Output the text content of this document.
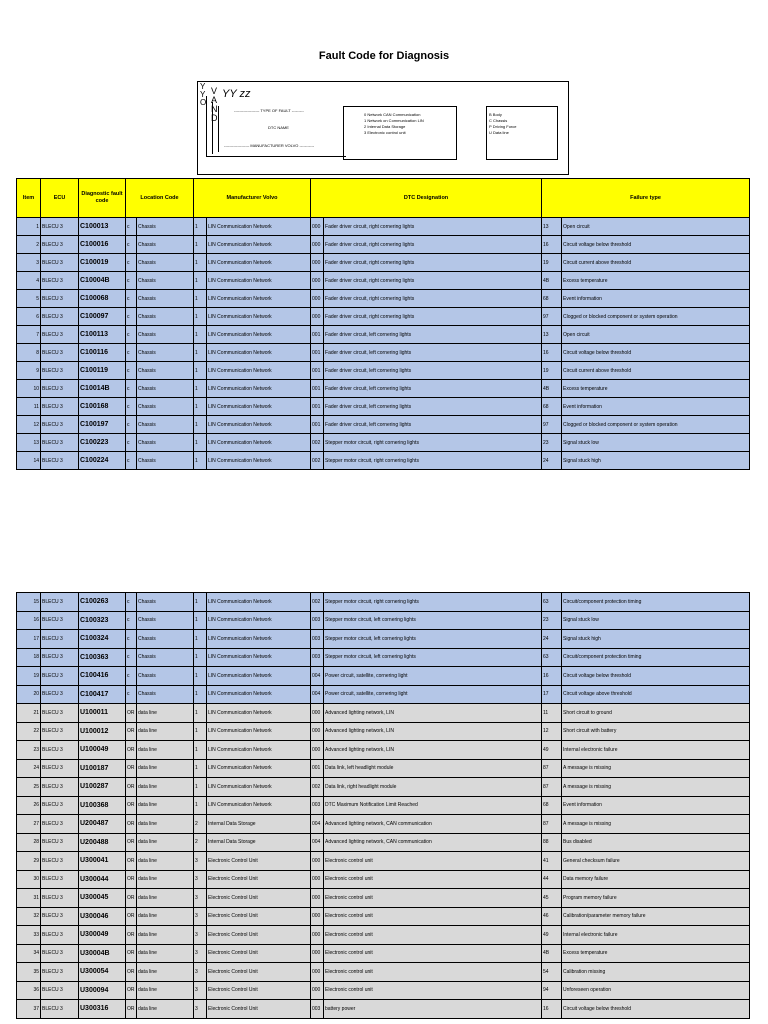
Fault Code for Diagnosis
Y
Y
O
V
A
N
D
YY zz
------------------- TYPE OF FAULT ---------
DTC NAME
------------------- MANUFACTURER VOLVO -----------
0 Network CAN Communication
1 Network on Communication LIN
2 Internal Data Storage
3 Electronic control unit
B Body
C Chassis
P Driving Force
U Data line
Item	ECU	Diagnostic fault code	Location Code		Manufacturer Volvo		DTC Designation		Failure type	
1	BLECU 3	C100013	c	Chassis	1	LIN Communication Network	000	Fader driver circuit, right cornering lights	13	Open circuit
2	BLECU 3	C100016	c	Chassis	1	LIN Communication Network	000	Fader driver circuit, right cornering lights	16	Circuit voltage below threshold
3	BLECU 3	C100019	c	Chassis	1	LIN Communication Network	000	Fader driver circuit, right cornering lights	19	Circuit current above threshold
4	BLECU 3	C10004B	c	Chassis	1	LIN Communication Network	000	Fader driver circuit, right cornering lights	4B	Excess temperature
5	BLECU 3	C100068	c	Chassis	1	LIN Communication Network	000	Fader driver circuit, right cornering lights	68	Event information
6	BLECU 3	C100097	c	Chassis	1	LIN Communication Network	000	Fader driver circuit, right cornering lights	97	Clogged or blocked component or system operation
7	BLECU 3	C100113	c	Chassis	1	LIN Communication Network	001	Fader driver circuit, left cornering lights	13	Open circuit
8	BLECU 3	C100116	c	Chassis	1	LIN Communication Network	001	Fader driver circuit, left cornering lights	16	Circuit voltage below threshold
9	BLECU 3	C100119	c	Chassis	1	LIN Communication Network	001	Fader driver circuit, left cornering lights	19	Circuit current above threshold
10	BLECU 3	C10014B	c	Chassis	1	LIN Communication Network	001	Fader driver circuit, left cornering lights	4B	Excess temperature
11	BLECU 3	C100168	c	Chassis	1	LIN Communication Network	001	Fader driver circuit, left cornering lights	68	Event information
12	BLECU 3	C100197	c	Chassis	1	LIN Communication Network	001	Fader driver circuit, left cornering lights	97	Clogged or blocked component or system operation
13	BLECU 3	C100223	c	Chassis	1	LIN Communication Network	002	Stepper motor circuit, right cornering lights	23	Signal stuck low
14	BLECU 3	C100224	c	Chassis	1	LIN Communication Network	002	Stepper motor circuit, right cornering lights	24	Signal stuck high
15	BLECU 3	C100263	c	Chassis	1	LIN Communication Network	002	Stepper motor circuit, right cornering lights	63	Circuit/component protection timing
16	BLECU 3	C100323	c	Chassis	1	LIN Communication Network	003	Stepper motor circuit, left cornering lights	23	Signal stuck low
17	BLECU 3	C100324	c	Chassis	1	LIN Communication Network	003	Stepper motor circuit, left cornering lights	24	Signal stuck high
18	BLECU 3	C100363	c	Chassis	1	LIN Communication Network	003	Stepper motor circuit, left cornering lights	63	Circuit/component protection timing
19	BLECU 3	C100416	c	Chassis	1	LIN Communication Network	004	Power circuit, satellite, cornering light	16	Circuit voltage below threshold
20	BLECU 3	C100417	c	Chassis	1	LIN Communication Network	004	Power circuit, satellite, cornering light	17	Circuit voltage above threshold
21	BLECU 3	U100011	OR	data line	1	LIN Communication Network	000	Advanced lighting network, LIN	11	Short circuit to ground
22	BLECU 3	U100012	OR	data line	1	LIN Communication Network	000	Advanced lighting network, LIN	12	Short circuit with battery
23	BLECU 3	U100049	OR	data line	1	LIN Communication Network	000	Advanced lighting network, LIN	49	Internal electronic failure
24	BLECU 3	U100187	OR	data line	1	LIN Communication Network	001	Data link, left headlight module	87	A message is missing
25	BLECU 3	U100287	OR	data line	1	LIN Communication Network	002	Data link, right headlight module	87	A message is missing
26	BLECU 3	U100368	OR	data line	1	LIN Communication Network	003	DTC Maximum Notification Limit Reached	68	Event information
27	BLECU 3	U200487	OR	data line	2	Internal Data Storage	004	Advanced lighting network, CAN communication	87	A message is missing
28	BLECU 3	U200488	OR	data line	2	Internal Data Storage	004	Advanced lighting network, CAN communication	88	Bus disabled
29	BLECU 3	U300041	OR	data line	3	Electronic Control Unit	000	Electronic control unit	41	General checksum failure
30	BLECU 3	U300044	OR	data line	3	Electronic Control Unit	000	Electronic control unit	44	Data memory failure
31	BLECU 3	U300045	OR	data line	3	Electronic Control Unit	000	Electronic control unit	45	Program memory failure
32	BLECU 3	U300046	OR	data line	3	Electronic Control Unit	000	Electronic control unit	46	Calibration/parameter memory failure
33	BLECU 3	U300049	OR	data line	3	Electronic Control Unit	000	Electronic control unit	49	Internal electronic failure
34	BLECU 3	U30004B	OR	data line	3	Electronic Control Unit	000	Electronic control unit	4B	Excess temperature
35	BLECU 3	U300054	OR	data line	3	Electronic Control Unit	000	Electronic control unit	54	Calibration missing
36	BLECU 3	U300094	OR	data line	3	Electronic Control Unit	000	Electronic control unit	94	Unforeseen operation
37	BLECU 3	U300316	OR	data line	3	Electronic Control Unit	003	battery power	16	Circuit voltage below threshold
